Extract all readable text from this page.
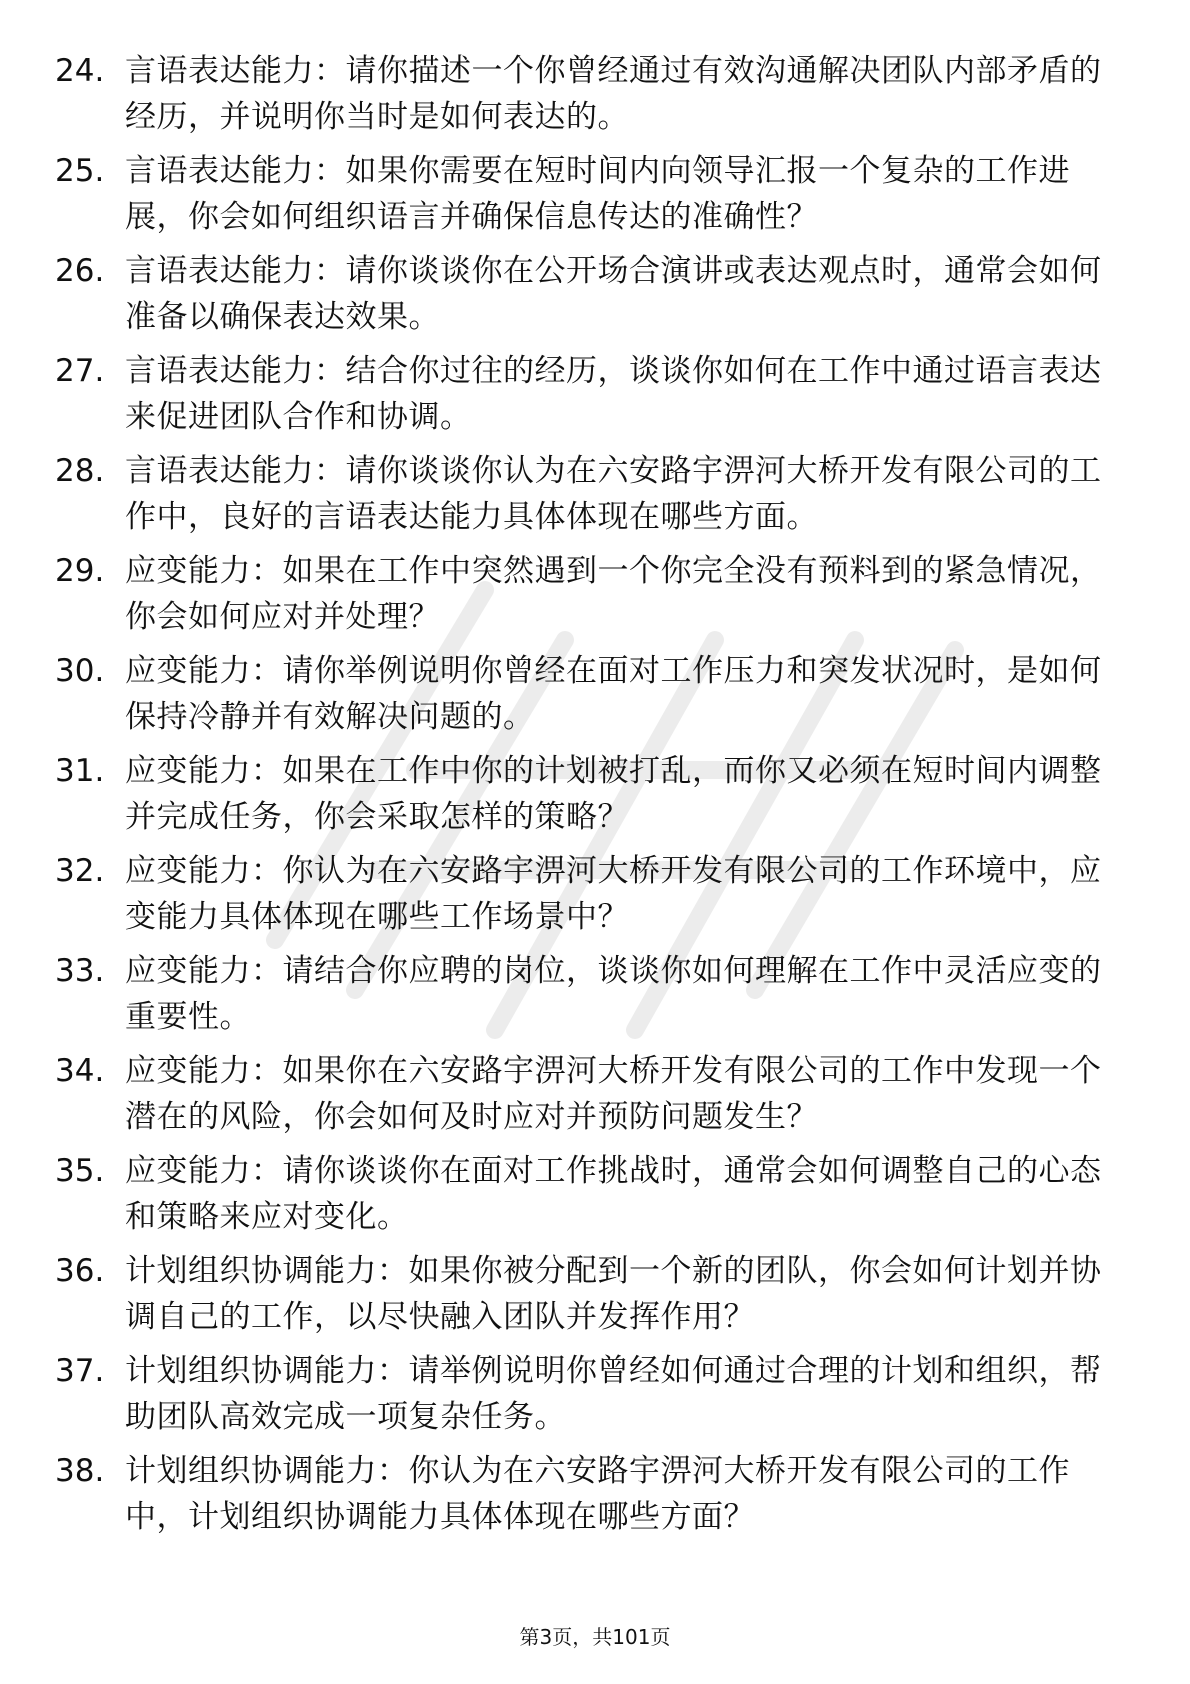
24. 言语表达能力：请你描述一个你曾经通过有效沟通解决团队内部矛盾的经历，并说明你当时是如何表达的。
25. 言语表达能力：如果你需要在短时间内向领导汇报一个复杂的工作进展，你会如何组织语言并确保信息传达的准确性？
26. 言语表达能力：请你谈谈你在公开场合演讲或表达观点时，通常会如何准备以确保表达效果。
27. 言语表达能力：结合你过往的经历，谈谈你如何在工作中通过语言表达来促进团队合作和协调。
28. 言语表达能力：请你谈谈你认为在六安路宇淠河大桥开发有限公司的工作中，良好的言语表达能力具体体现在哪些方面。
29. 应变能力：如果在工作中突然遇到一个你完全没有预料到的紧急情况，你会如何应对并处理？
30. 应变能力：请你举例说明你曾经在面对工作压力和突发状况时，是如何保持冷静并有效解决问题的。
31. 应变能力：如果在工作中你的计划被打乱，而你又必须在短时间内调整并完成任务，你会采取怎样的策略？
32. 应变能力：你认为在六安路宇淠河大桥开发有限公司的工作环境中，应变能力具体体现在哪些工作场景中？
33. 应变能力：请结合你应聘的岗位，谈谈你如何理解在工作中灵活应变的重要性。
34. 应变能力：如果你在六安路宇淠河大桥开发有限公司的工作中发现一个潜在的风险，你会如何及时应对并预防问题发生？
35. 应变能力：请你谈谈你在面对工作挑战时，通常会如何调整自己的心态和策略来应对变化。
36. 计划组织协调能力：如果你被分配到一个新的团队，你会如何计划并协调自己的工作，以尽快融入团队并发挥作用？
37. 计划组织协调能力：请举例说明你曾经如何通过合理的计划和组织，帮助团队高效完成一项复杂任务。
38. 计划组织协调能力：你认为在六安路宇淠河大桥开发有限公司的工作中，计划组织协调能力具体体现在哪些方面？
第3页，共101页
